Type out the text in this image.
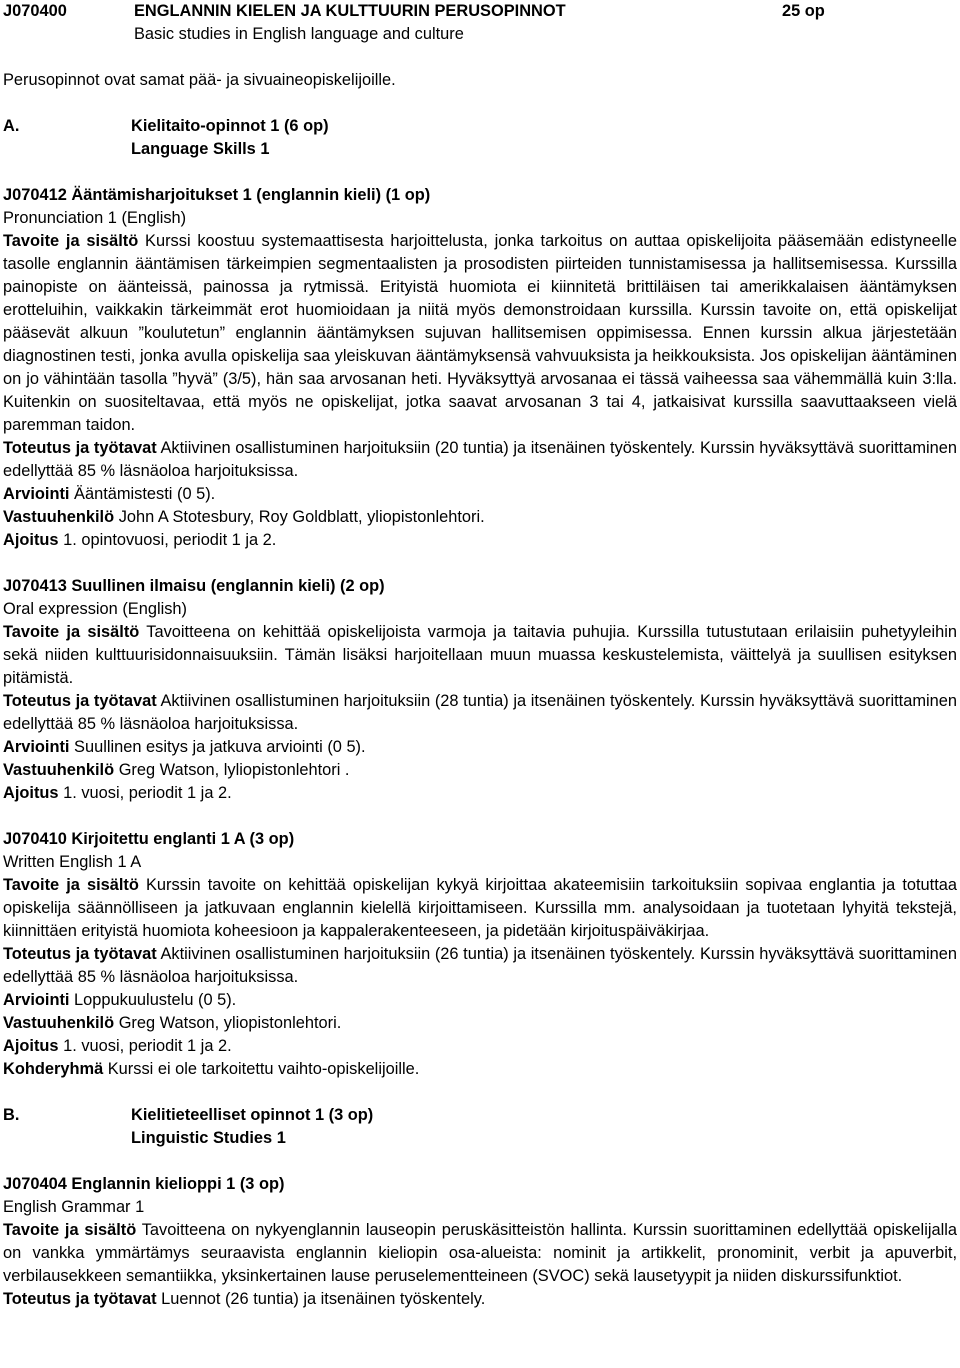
J070400	ENGLANNIN KIELEN JA KULTTUURIN PERUSOPINNOT	25 op
Basic studies in English language and culture

Perusopinnot ovat samat pää- ja sivuaineopiskelijoille.

A.	Kielitaito-opinnot 1 (6 op)
Language Skills 1

J070412 Ääntämisharjoitukset 1 (englannin kieli) (1 op)

Pronunciation 1 (English)

Tavoite ja sisältö Kurssi koostuu systemaattisesta harjoittelusta, jonka tarkoitus on auttaa opiskelijoita pääsemään edistyneelle tasolle englannin ääntämisen tärkeimpien segmentaalisten ja prosodisten piirteiden tunnistamisessa ja hallitsemisessa. Kurssilla painopiste on äänteissä, painossa ja rytmissä. Erityistä huomiota ei kiinnitetä brittiläisen tai amerikkalaisen ääntämyksen erotteluihin, vaikkakin tärkeimmät erot huomioidaan ja niitä myös demonstroidaan kurssilla. Kurssin tavoite on, että opiskelijat pääsevät alkuun ”koulutetun” englannin ääntämyksen sujuvan hallitsemisen oppimisessa. Ennen kurssin alkua järjestetään diagnostinen testi, jonka avulla opiskelija saa yleiskuvan ääntämyksensä vahvuuksista ja heikkouksista. Jos opiskelijan ääntäminen on jo vähintään tasolla ”hyvä” (3/5), hän saa arvosanan heti. Hyväksyttyä arvosanaa ei tässä vaiheessa saa vähemmällä kuin 3:lla. Kuitenkin on suositeltavaa, että myös ne opiskelijat, jotka saavat arvosanan 3 tai 4, jatkaisivat kurssilla saavuttaakseen vielä paremman taidon.

Toteutus ja työtavat Aktiivinen osallistuminen harjoituksiin (20 tuntia) ja itsenäinen työskentely. Kurssin hyväksyttävä suorittaminen edellyttää 85 % läsnäoloa harjoituksissa.

Arviointi Ääntämistesti (0 5).

Vastuuhenkilö John A Stotesbury, Roy Goldblatt, yliopistonlehtori.

Ajoitus 1. opintovuosi, periodit 1 ja 2.

J070413 Suullinen ilmaisu (englannin kieli) (2 op)

Oral expression (English)

Tavoite ja sisältö Tavoitteena on kehittää opiskelijoista varmoja ja taitavia puhujia. Kurssilla tutustutaan erilaisiin puhetyyleihin sekä niiden kulttuurisidonnaisuuksiin. Tämän lisäksi harjoitellaan muun muassa keskustelemista, väittelyä ja suullisen esityksen pitämistä.

Toteutus ja työtavat Aktiivinen osallistuminen harjoituksiin (28 tuntia) ja itsenäinen työskentely. Kurssin hyväksyttävä suorittaminen edellyttää 85 % läsnäoloa harjoituksissa.

Arviointi Suullinen esitys ja jatkuva arviointi (0 5).

Vastuuhenkilö Greg Watson, lyliopistonlehtori .

Ajoitus 1. vuosi, periodit 1 ja 2.

J070410 Kirjoitettu englanti 1 A (3 op)

Written English 1 A

Tavoite ja sisältö Kurssin tavoite on kehittää opiskelijan kykyä kirjoittaa akateemisiin tarkoituksiin sopivaa englantia ja totuttaa opiskelija säännölliseen ja jatkuvaan englannin kielellä kirjoittamiseen. Kurssilla mm. analysoidaan ja tuotetaan lyhyitä tekstejä, kiinnittäen erityistä huomiota koheesioon ja kappalerakenteeseen, ja pidetään kirjoituspäiväkirjaa.

Toteutus ja työtavat Aktiivinen osallistuminen harjoituksiin (26 tuntia) ja itsenäinen työskentely. Kurssin hyväksyttävä suorittaminen edellyttää 85 % läsnäoloa harjoituksissa.

Arviointi Loppukuulustelu (0 5).

Vastuuhenkilö Greg Watson, yliopistonlehtori.

Ajoitus 1. vuosi, periodit 1 ja 2.

Kohderyhmä Kurssi ei ole tarkoitettu vaihto-opiskelijoille.

B.	Kielitieteelliset opinnot 1 (3 op)
Linguistic Studies 1

J070404 Englannin kielioppi 1 (3 op)

English Grammar 1

Tavoite ja sisältö Tavoitteena on nykyenglannin lauseopin peruskäsitteistön hallinta. Kurssin suorittaminen edellyttää opiskelijalla on vankka ymmärtämys seuraavista englannin kieliopin osa-alueista: nominit ja artikkelit, pronominit, verbit ja apuverbit, verbilausekkeen semantiikka, yksinkertainen lause peruselementteineen (SVOC) sekä lausetyypit ja niiden diskurssifunktiot.

Toteutus ja työtavat Luennot (26 tuntia) ja itsenäinen työskentely.
